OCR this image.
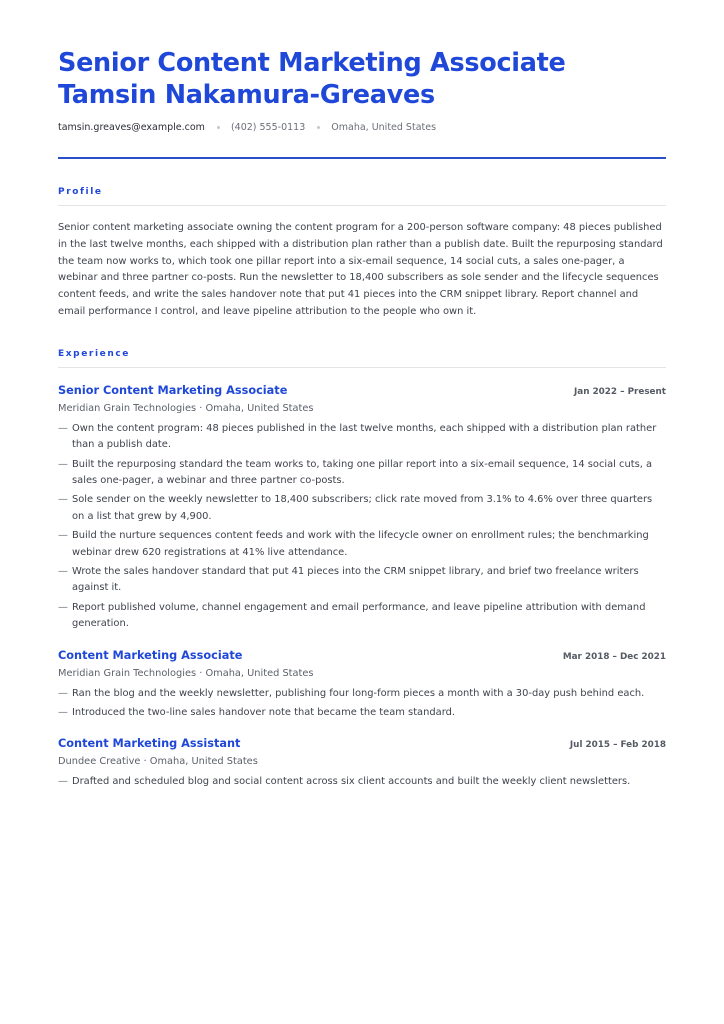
Senior Content Marketing Associate
Tamsin Nakamura-Greaves
tamsin.greaves@example.com	(402) 555-0113	Omaha, United States
Profile
Senior content marketing associate owning the content program for a 200-person software company: 48 pieces published in the last twelve months, each shipped with a distribution plan rather than a publish date. Built the repurposing standard the team now works to, which took one pillar report into a six-email sequence, 14 social cuts, a sales one-pager, a webinar and three partner co-posts. Run the newsletter to 18,400 subscribers as sole sender and the lifecycle sequences content feeds, and write the sales handover note that put 41 pieces into the CRM snippet library. Report channel and email performance I control, and leave pipeline attribution to the people who own it.
Experience
Senior Content Marketing Associate	Jan 2022 – Present
Meridian Grain Technologies · Omaha, United States
— Own the content program: 48 pieces published in the last twelve months, each shipped with a distribution plan rather than a publish date.
— Built the repurposing standard the team works to, taking one pillar report into a six-email sequence, 14 social cuts, a sales one-pager, a webinar and three partner co-posts.
— Sole sender on the weekly newsletter to 18,400 subscribers; click rate moved from 3.1% to 4.6% over three quarters on a list that grew by 4,900.
— Build the nurture sequences content feeds and work with the lifecycle owner on enrollment rules; the benchmarking webinar drew 620 registrations at 41% live attendance.
— Wrote the sales handover standard that put 41 pieces into the CRM snippet library, and brief two freelance writers against it.
— Report published volume, channel engagement and email performance, and leave pipeline attribution with demand generation.
Content Marketing Associate	Mar 2018 – Dec 2021
Meridian Grain Technologies · Omaha, United States
— Ran the blog and the weekly newsletter, publishing four long-form pieces a month with a 30-day push behind each.
— Introduced the two-line sales handover note that became the team standard.
Content Marketing Assistant	Jul 2015 – Feb 2018
Dundee Creative · Omaha, United States
— Drafted and scheduled blog and social content across six client accounts and built the weekly client newsletters.
